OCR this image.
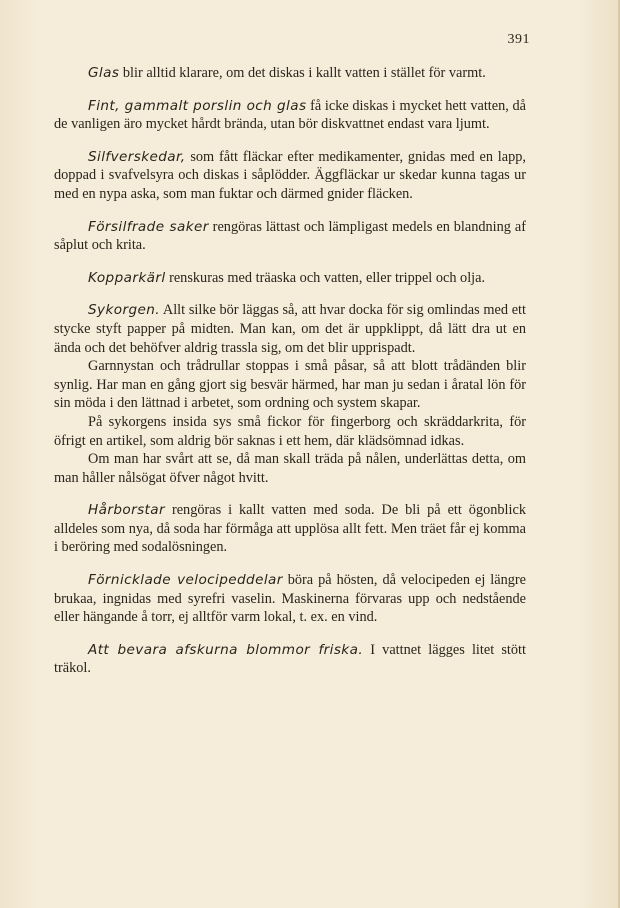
391

Glas blir alltid klarare, om det diskas i kallt vatten i stället för varmt.

Fint, gammalt porslin och glas få icke diskas i mycket hett vatten, då de vanligen äro mycket hårdt brända, utan bör diskvattnet endast vara ljumt.

Silfverskedar, som fått fläckar efter medikamenter, gnidas med en lapp, doppad i svafvelsyra och diskas i såplödder. Äggfläckar ur skedar kunna tagas ur med en nypa aska, som man fuktar och därmed gnider fläcken.

Försilfrade saker rengöras lättast och lämpligast medels en blandning af såplut och krita.

Kopparkärl renskuras med träaska och vatten, eller trippel och olja.

Sykorgen. Allt silke bör läggas så, att hvar docka för sig omlindas med ett stycke styft papper på midten. Man kan, om det är uppklippt, då lätt dra ut en ända och det behöfver aldrig trassla sig, om det blir upprispadt.

Garnnystan och trådrullar stoppas i små påsar, så att blott trådänden blir synlig. Har man en gång gjort sig besvär härmed, har man ju sedan i åratal lön för sin möda i den lättnad i arbetet, som ordning och system skapar.

På sykorgens insida sys små fickor för fingerborg och skräddarkrita, för öfrigt en artikel, som aldrig bör saknas i ett hem, där klädsömnad idkas.

Om man har svårt att se, då man skall träda på nålen, underlättas detta, om man håller nålsögat öfver något hvitt.

Hårborstar rengöras i kallt vatten med soda. De bli på ett ögonblick alldeles som nya, då soda har förmåga att upplösa allt fett. Men träet får ej komma i beröring med sodalösningen.

Förnicklade velocipeddelar böra på hösten, då velocipeden ej längre brukaa, ingnidas med syrefri vaselin. Maskinerna förvaras upp och nedstående eller hängande å torr, ej alltför varm lokal, t. ex. en vind.

Att bevara afskurna blommor friska. I vattnet lägges litet stött träkol.
